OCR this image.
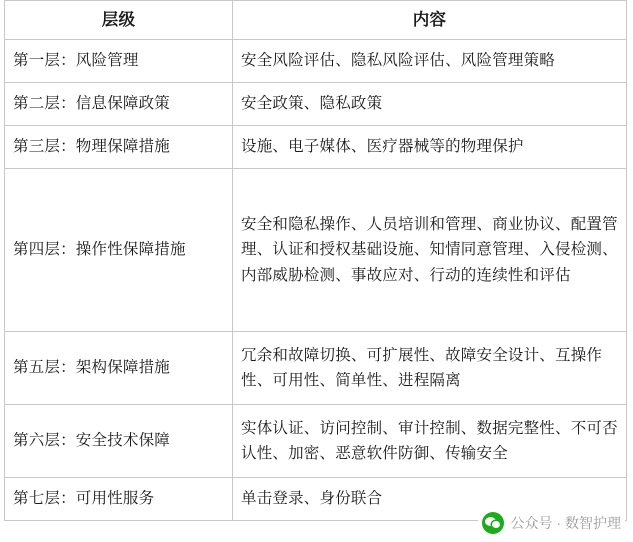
层级	内容
第一层：风险管理	安全风险评估、隐私风险评估、风险管理策略
第二层：信息保障政策	安全政策、隐私政策
第三层：物理保障措施	设施、电子媒体、医疗器械等的物理保护
第四层：操作性保障措施	安全和隐私操作、人员培训和管理、商业协议、配置管理、认证和授权基础设施、知情同意管理、入侵检测、内部威胁检测、事故应对、行动的连续性和评估
第五层：架构保障措施	冗余和故障切换、可扩展性、故障安全设计、互操作性、可用性、简单性、进程隔离
第六层：安全技术保障	实体认证、访问控制、审计控制、数据完整性、不可否认性、加密、恶意软件防御、传输安全
第七层：可用性服务	单击登录、身份联合
公众号 · 数智护理
